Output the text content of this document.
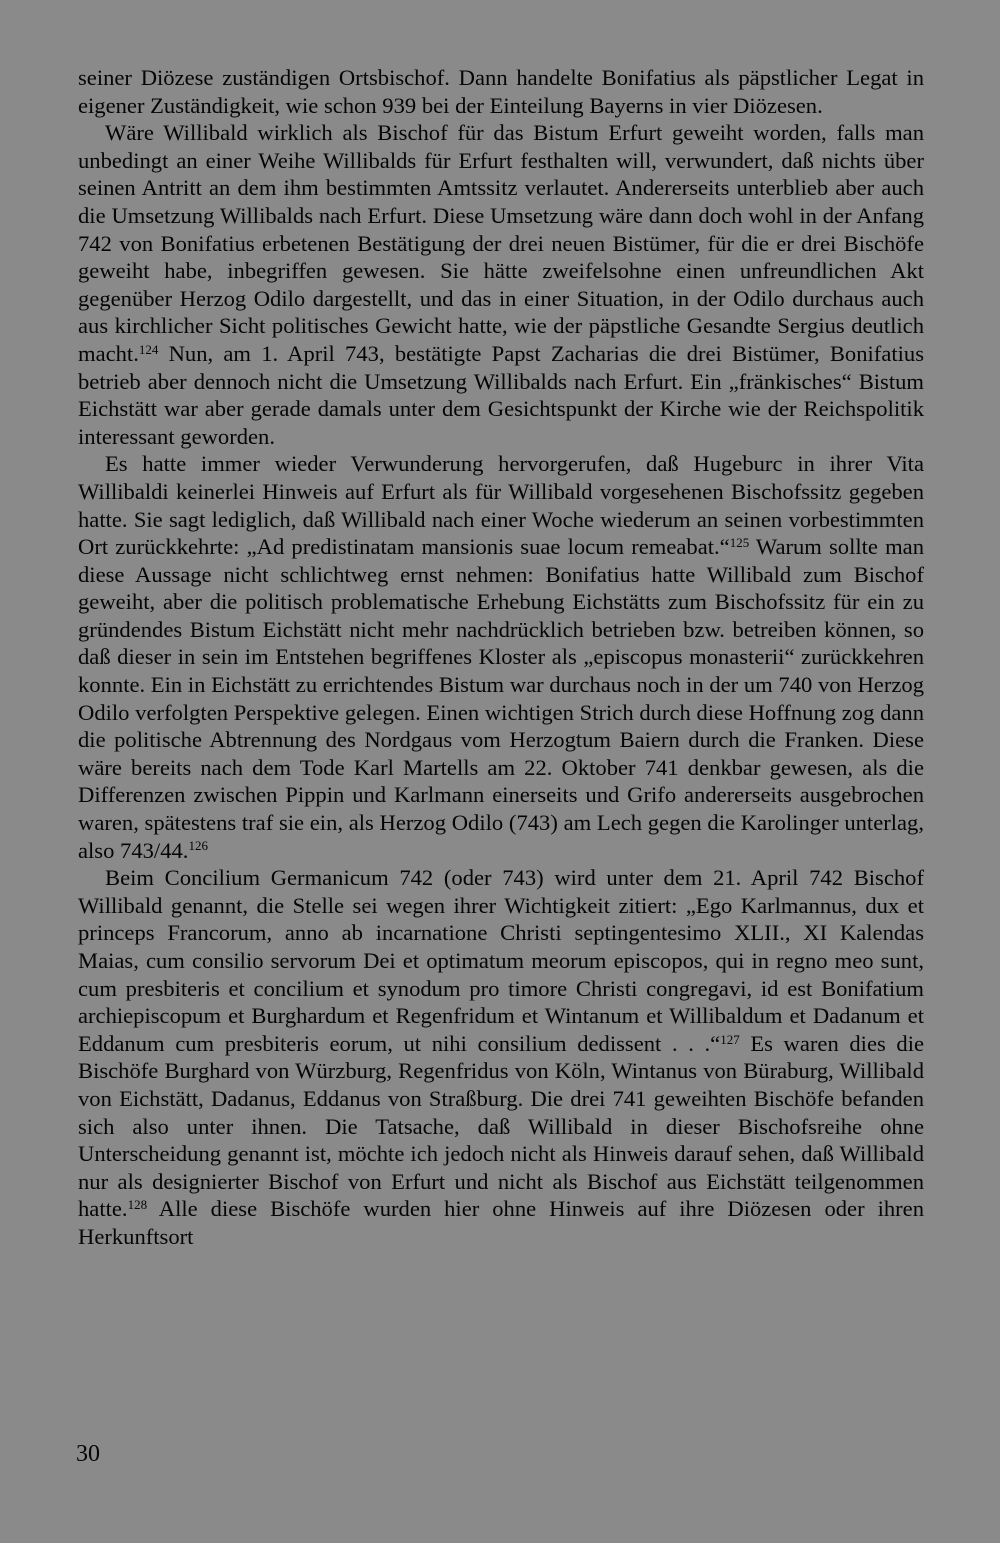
seiner Diözese zuständigen Ortsbischof. Dann handelte Bonifatius als päpstlicher Legat in eigener Zuständigkeit, wie schon 939 bei der Einteilung Bayerns in vier Diözesen.

Wäre Willibald wirklich als Bischof für das Bistum Erfurt geweiht worden, falls man unbedingt an einer Weihe Willibalds für Erfurt festhalten will, verwundert, daß nichts über seinen Antritt an dem ihm bestimmten Amtssitz verlautet. Andererseits unterblieb aber auch die Umsetzung Willibalds nach Erfurt. Diese Umsetzung wäre dann doch wohl in der Anfang 742 von Bonifatius erbetenen Bestätigung der drei neuen Bistümer, für die er drei Bischöfe geweiht habe, inbegriffen gewesen. Sie hätte zweifelsohne einen unfreundlichen Akt gegenüber Herzog Odilo dargestellt, und das in einer Situation, in der Odilo durchaus auch aus kirchlicher Sicht politisches Gewicht hatte, wie der päpstliche Gesandte Sergius deutlich macht.$^{124}$ Nun, am 1. April 743, bestätigte Papst Zacharias die drei Bistümer, Bonifatius betrieb aber dennoch nicht die Umsetzung Willibalds nach Erfurt. Ein „fränkisches“ Bistum Eichstätt war aber gerade damals unter dem Gesichtspunkt der Kirche wie der Reichspolitik interessant geworden.

Es hatte immer wieder Verwunderung hervorgerufen, daß Hugeburc in ihrer Vita Willibaldi keinerlei Hinweis auf Erfurt als für Willibald vorgesehenen Bischofssitz gegeben hatte. Sie sagt lediglich, daß Willibald nach einer Woche wiederum an seinen vorbestimmten Ort zurückkehrte: „Ad predistinatam mansionis suae locum remeabat.“$^{125}$ Warum sollte man diese Aussage nicht schlichtweg ernst nehmen: Bonifatius hatte Willibald zum Bischof geweiht, aber die politisch problematische Erhebung Eichstätts zum Bischofssitz für ein zu gründendes Bistum Eichstätt nicht mehr nachdrücklich betrieben bzw. betreiben können, so daß dieser in sein im Entstehen begriffenes Kloster als „episcopus monasterii“ zurückkehren konnte. Ein in Eichstätt zu errichtendes Bistum war durchaus noch in der um 740 von Herzog Odilo verfolgten Perspektive gelegen. Einen wichtigen Strich durch diese Hoffnung zog dann die politische Abtrennung des Nordgaus vom Herzogtum Baiern durch die Franken. Diese wäre bereits nach dem Tode Karl Martells am 22. Oktober 741 denkbar gewesen, als die Differenzen zwischen Pippin und Karlmann einerseits und Grifo andererseits ausgebrochen waren, spätestens traf sie ein, als Herzog Odilo (743) am Lech gegen die Karolinger unterlag, also 743/44.$^{126}$

Beim Concilium Germanicum 742 (oder 743) wird unter dem 21. April 742 Bischof Willibald genannt, die Stelle sei wegen ihrer Wichtigkeit zitiert: „Ego Karlmannus, dux et princeps Francorum, anno ab incarnatione Christi septingentesimo XLII., XI Kalendas Maias, cum consilio servorum Dei et optimatum meorum episcopos, qui in regno meo sunt, cum presbiteris et concilium et synodum pro timore Christi congregavi, id est Bonifatium archiepiscopum et Burghardum et Regenfridum et Wintanum et Willibaldum et Dadanum et Eddanum cum presbiteris eorum, ut nihi consilium dedissent . . .“$^{127}$ Es waren dies die Bischöfe Burghard von Würzburg, Regenfridus von Köln, Wintanus von Büraburg, Willibald von Eichstätt, Dadanus, Eddanus von Straßburg. Die drei 741 geweihten Bischöfe befanden sich also unter ihnen. Die Tatsache, daß Willibald in dieser Bischofsreihe ohne Unterscheidung genannt ist, möchte ich jedoch nicht als Hinweis darauf sehen, daß Willibald nur als designierter Bischof von Erfurt und nicht als Bischof aus Eichstätt teilgenommen hatte.$^{128}$ Alle diese Bischöfe wurden hier ohne Hinweis auf ihre Diözesen oder ihren Herkunftsort

30
